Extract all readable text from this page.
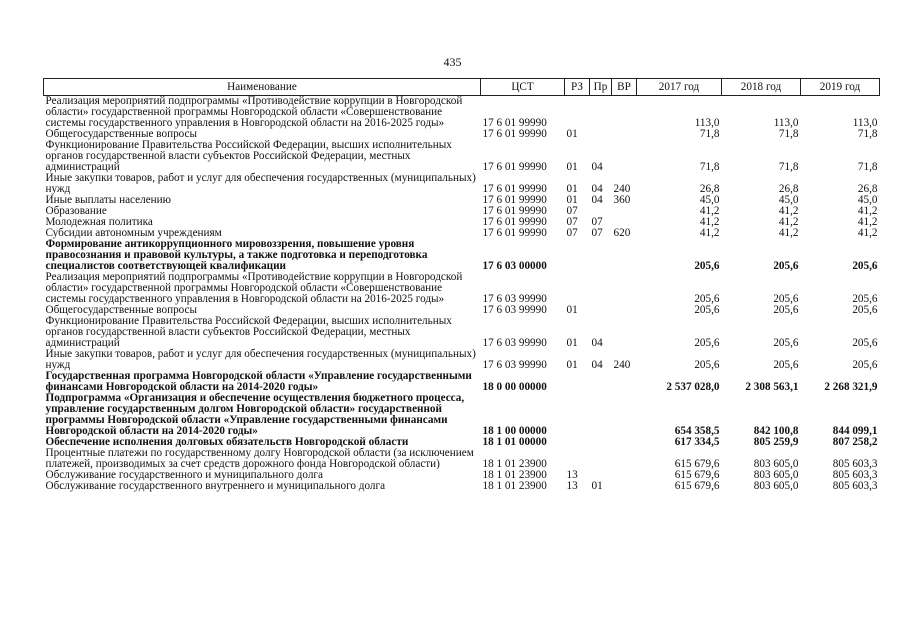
435
Наименование	ЦСТ	РЗ	Пр	ВР	2017 год	2018 год	2019 год
Реализация мероприятий подпрограммы «Противодействие коррупции в Новгородской области» государственной программы Новгородской области «Совершенствование системы государственного управления в Новгородской области на 2016-2025 годы»	17 6 01 99990				113,0	113,0	113,0
Общегосударственные вопросы	17 6 01 99990	01			71,8	71,8	71,8
Функционирование Правительства Российской Федерации, высших исполнительных органов государственной власти субъектов Российской Федерации, местных администраций	17 6 01 99990	01	04		71,8	71,8	71,8
Иные закупки товаров, работ и услуг для обеспечения государственных (муниципальных) нужд	17 6 01 99990	01	04	240	26,8	26,8	26,8
Иные выплаты населению	17 6 01 99990	01	04	360	45,0	45,0	45,0
Образование	17 6 01 99990	07			41,2	41,2	41,2
Молодежная политика	17 6 01 99990	07	07		41,2	41,2	41,2
Субсидии автономным учреждениям	17 6 01 99990	07	07	620	41,2	41,2	41,2
Формирование антикоррупционного мировоззрения, повышение уровня правосознания и правовой культуры, а также подготовка и переподготовка специалистов соответствующей квалификации	17 6 03 00000				205,6	205,6	205,6
Реализация мероприятий подпрограммы «Противодействие коррупции в Новгородской области» государственной программы Новгородской области «Совершенствование системы государственного управления в Новгородской области на 2016-2025 годы»	17 6 03 99990				205,6	205,6	205,6
Общегосударственные вопросы	17 6 03 99990	01			205,6	205,6	205,6
Функционирование Правительства Российской Федерации, высших исполнительных органов государственной власти субъектов Российской Федерации, местных администраций	17 6 03 99990	01	04		205,6	205,6	205,6
Иные закупки товаров, работ и услуг для обеспечения государственных (муниципальных) нужд	17 6 03 99990	01	04	240	205,6	205,6	205,6
Государственная программа Новгородской области «Управление государственными финансами Новгородской области на 2014-2020 годы»	18 0 00 00000				2 537 028,0	2 308 563,1	2 268 321,9
Подпрограмма «Организация и обеспечение осуществления бюджетного процесса, управление государственным долгом Новгородской области» государственной программы Новгородской области «Управление государственными финансами Новгородской области на 2014-2020 годы»	18 1 00 00000				654 358,5	842 100,8	844 099,1
Обеспечение исполнения долговых обязательств Новгородской области	18 1 01 00000				617 334,5	805 259,9	807 258,2
Процентные платежи по государственному долгу Новгородской области (за исключением платежей, производимых за счет средств дорожного фонда Новгородской области)	18 1 01 23900				615 679,6	803 605,0	805 603,3
Обслуживание государственного и муниципального долга	18 1 01 23900	13			615 679,6	803 605,0	805 603,3
Обслуживание государственного внутреннего и муниципального долга	18 1 01 23900	13	01		615 679,6	803 605,0	805 603,3
